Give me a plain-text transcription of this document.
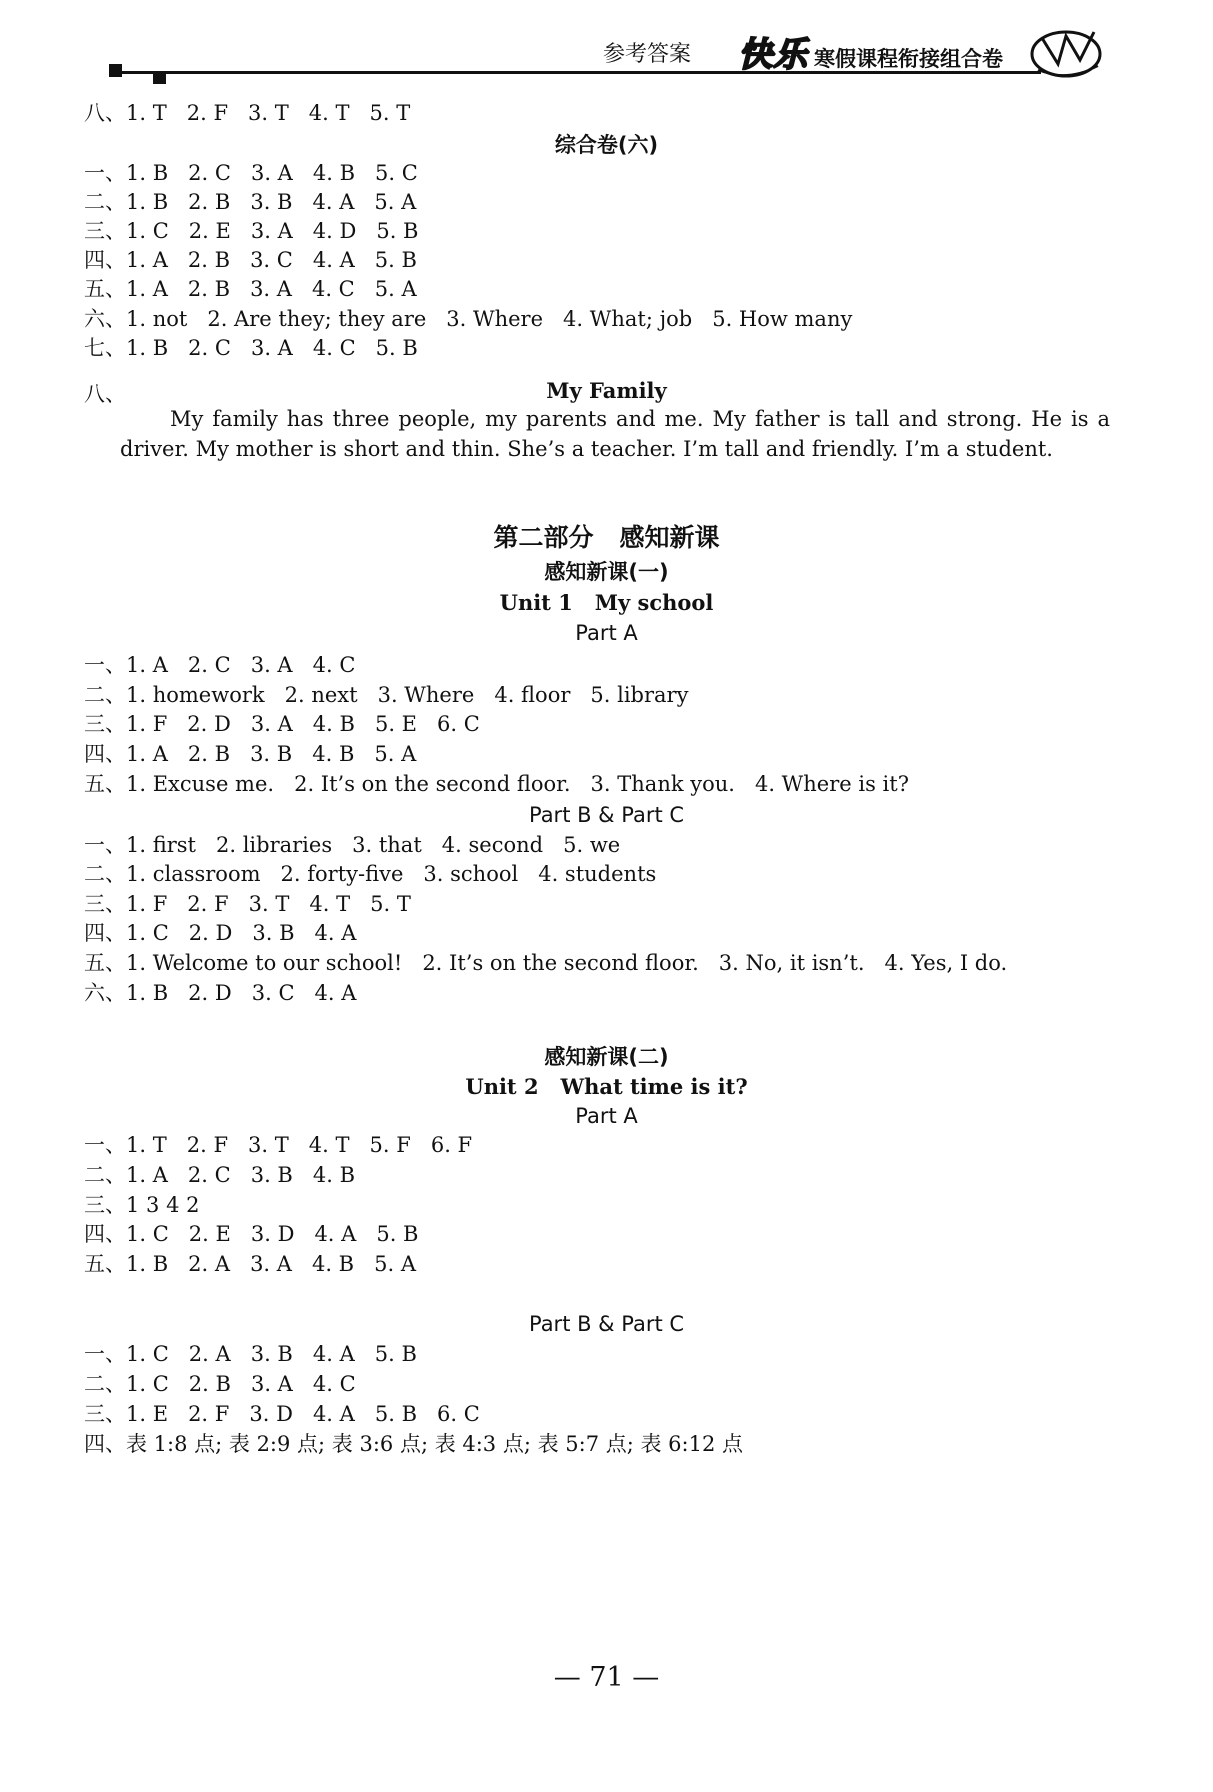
参考答案 快乐 寒假课程衔接组合卷
八、1. T   2. F   3. T   4. T   5. T
综合卷(六)
一、1. B   2. C   3. A   4. B   5. C
二、1. B   2. B   3. B   4. A   5. A
三、1. C   2. E   3. A   4. D   5. B
四、1. A   2. B   3. C   4. A   5. B
五、1. A   2. B   3. A   4. C   5. A
六、1. not   2. Are they; they are   3. Where   4. What; job   5. How many
七、1. B   2. C   3. A   4. C   5. B
八、	My Family
My family has three people, my parents and me. My father is tall and strong. He is a driver. My mother is short and thin. She’s a teacher. I’m tall and friendly. I’m a student.
第二部分   感知新课
感知新课(一)
Unit 1   My school
Part A
一、1. A   2. C   3. A   4. C
二、1. homework   2. next   3. Where   4. floor   5. library
三、1. F   2. D   3. A   4. B   5. E   6. C
四、1. A   2. B   3. B   4. B   5. A
五、1. Excuse me.   2. It’s on the second floor.   3. Thank you.   4. Where is it?
Part B & Part C
一、1. first   2. libraries   3. that   4. second   5. we
二、1. classroom   2. forty-five   3. school   4. students
三、1. F   2. F   3. T   4. T   5. T
四、1. C   2. D   3. B   4. A
五、1. Welcome to our school!   2. It’s on the second floor.   3. No, it isn’t.   4. Yes, I do.
六、1. B   2. D   3. C   4. A
感知新课(二)
Unit 2   What time is it?
Part A
一、1. T   2. F   3. T   4. T   5. F   6. F
二、1. A   2. C   3. B   4. B
三、1 3 4 2
四、1. C   2. E   3. D   4. A   5. B
五、1. B   2. A   3. A   4. B   5. A
Part B & Part C
一、1. C   2. A   3. B   4. A   5. B
二、1. C   2. B   3. A   4. C
三、1. E   2. F   3. D   4. A   5. B   6. C
四、表 1:8 点; 表 2:9 点; 表 3:6 点; 表 4:3 点; 表 5:7 点; 表 6:12 点
— 71 —
